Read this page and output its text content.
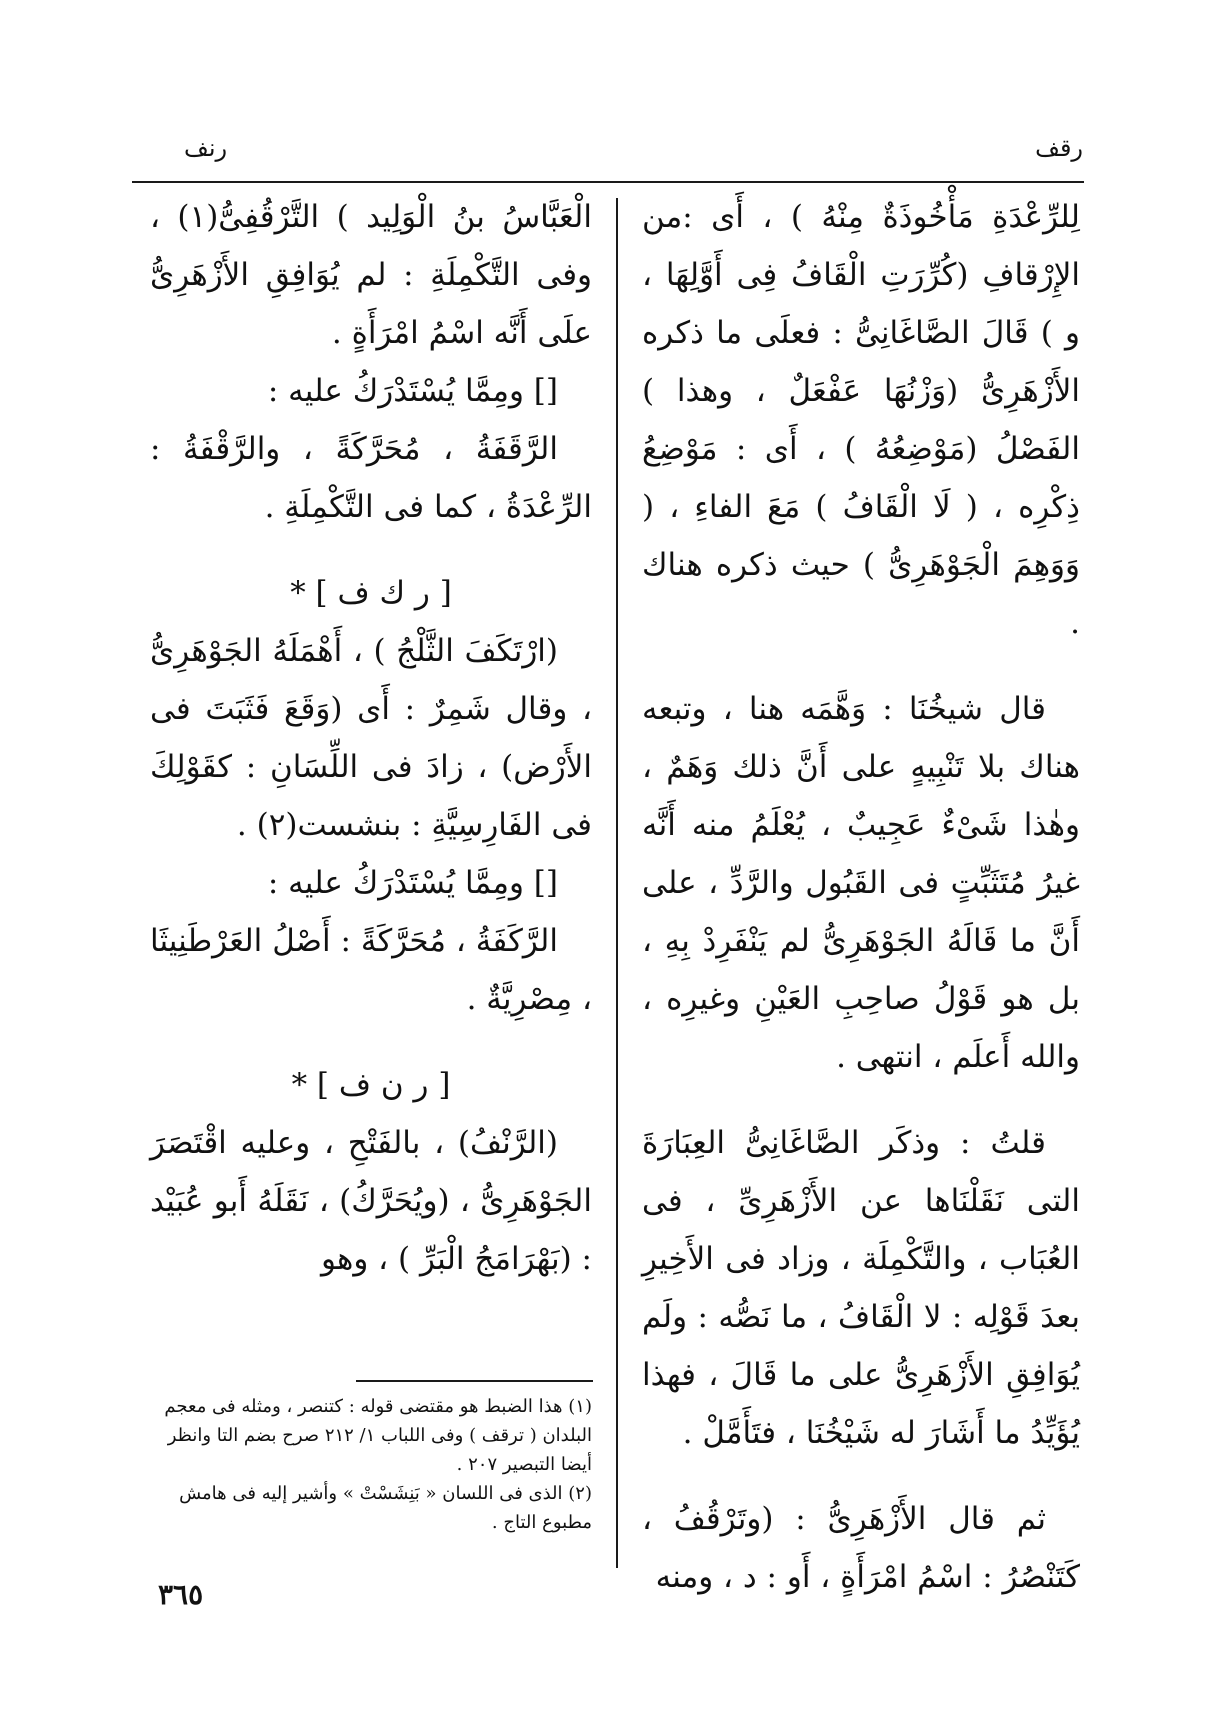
رقف
رنف

لِلرِّعْدَةِ مَأْخُوذَةٌ مِنْهُ ) ، أَى :من الإِرْقافِ (كُرِّرَتِ الْقَافُ فِى أَوَّلِهَا ، و ) قَالَ الصَّاغَانِىُّ : فعلَى ما ذكره الأَزْهَرِىُّ (وَزْنُهَا عَفْعَلٌ ، وهذا ) الفَصْلُ (مَوْضِعُهُ ) ، أَى : مَوْضِعُ ذِكْرِه ، ( لَا الْقَافُ ) مَعَ الفاءِ ، ( وَوَهِمَ الْجَوْهَرِىُّ ) حيث ذكره هناك .

قال شيخُنَا : وَهَّمَه هنا ، وتبعه هناك بلا تَنْبِيهٍ على أَنَّ ذلك وَهَمٌ ، وهٰذا شَىْءٌ عَجِيبٌ ، يُعْلَمُ منه أَنَّه غيرُ مُتَثَبِّتٍ فى القَبُول والرَّدِّ ، على أَنَّ ما قَالَهُ الجَوْهَرِىُّ لم يَنْفَرِدْ بِهِ ، بل هو قَوْلُ صاحِبِ العَيْنِ وغيرِه ، والله أَعلَم ، انتهى .

قلتُ : وذكَر الصَّاغَانِىُّ العِبَارَةَ التى نَقَلْنَاها عن الأَزْهَرِىِّ ، فى العُبَاب ، والتَّكْمِلَة ، وزاد فى الأَخِيرِ بعدَ قَوْلِه : لا الْقَافُ ، ما نَصُّه : ولَم يُوَافِقِ الأَزْهَرِىُّ على ما قَالَ ، فهذا يُؤَيِّدُ ما أَشَارَ له شَيْخُنَا ، فتَأَمَّلْ .

ثم قال الأَزْهَرِىُّ : (وتَرْقُفُ ، كَتَنْصُرُ : اسْمُ امْرَأَةٍ ، أَو : د ، ومنه

الْعَبَّاسُ بنُ الْوَلِيد ) التَّرْقُفِىُّ(١) ، وفى التَّكْمِلَةِ : لم يُوَافِقِ الأَزْهَرِىُّ علَى أَنَّه اسْمُ امْرَأَةٍ .

[] ومِمَّا يُسْتَدْرَكُ عليه :

الرَّقَفَةُ ، مُحَرَّكَةً ، والرَّقْفَةُ : الرِّعْدَةُ ، كما فى التَّكْمِلَةِ .

[ ر ك ف ] *

(ارْتَكَفَ الثَّلْجُ ) ، أَهْمَلَهُ الجَوْهَرِىُّ ، وقال شَمِرٌ : أَى (وَقَعَ فَثَبَتَ فى الأَرْض) ، زادَ فى اللِّسَانِ : كقَوْلِكَ فى الفَارِسِيَّةِ : بنشست(٢) .

[] ومِمَّا يُسْتَدْرَكُ عليه :

الرَّكَفَةُ ، مُحَرَّكَةً : أَصْلُ العَرْطَنِيثَا ، مِصْرِيَّةٌ .

[ ر ن ف ] *

(الرَّنْفُ) ، بالفَتْحِ ، وعليه اقْتَصَرَ الجَوْهَرِىُّ ، (ويُحَرَّكُ) ، نَقَلَهُ أَبو عُبَيْد : (بَهْرَامَجُ الْبَرِّ ) ، وهو

(١) هذا الضبط هو مقتضى قوله : كتنصر ، ومثله فى معجم البلدان ( ترقف ) وفى اللباب ١/ ٢١٢ صرح بضم التا وانظر أيضا التبصير ٢٠٧ .

(٢) الذى فى اللسان « بَنِشَسْتْ » وأشير إليه فى هامش مطبوع التاج .

٣٦٥
